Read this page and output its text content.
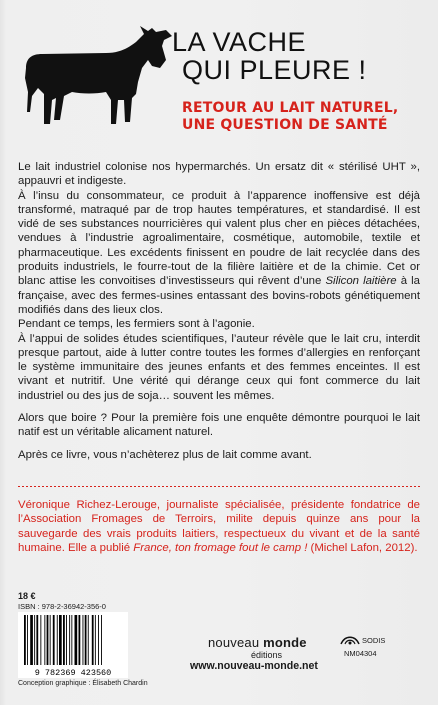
LA VACHE
QUI PLEURE !
RETOUR AU LAIT NATUREL,
UNE QUESTION DE SANTÉ

Le lait industriel colonise nos hypermarchés. Un ersatz dit « stérilisé UHT », appauvri et indigeste.

À l’insu du consommateur, ce produit à l’apparence inoffensive est déjà transformé, matraqué par de trop hautes températures, et standardisé. Il est vidé de ses substances nourricières qui valent plus cher en pièces détachées, vendues à l’industrie agroalimentaire, cosmétique, automobile, textile et pharmaceutique. Les excédents finissent en poudre de lait recyclée dans des produits industriels, le fourre-tout de la filière laitière et de la chimie. Cet or blanc attise les convoitises d’investisseurs qui rêvent d’une Silicon laitière à la française, avec des fermes-usines entassant des bovins-robots génétiquement modifiés dans des lieux clos.

Pendant ce temps, les fermiers sont à l’agonie.

À l’appui de solides études scientifiques, l’auteur révèle que le lait cru, interdit presque partout, aide à lutter contre toutes les formes d’allergies en renforçant le système immunitaire des jeunes enfants et des femmes enceintes. Il est vivant et nutritif. Une vérité qui dérange ceux qui font commerce du lait industriel ou des jus de soja… souvent les mêmes.

Alors que boire ? Pour la première fois une enquête démontre pourquoi le lait natif est un véritable alicament naturel.

Après ce livre, vous n’achèterez plus de lait comme avant.

Véronique Richez-Lerouge, journaliste spécialisée, présidente fondatrice de l’Association Fromages de Terroirs, milite depuis quinze ans pour la sauvegarde des vrais produits laitiers, respectueux du vivant et de la santé humaine. Elle a publié France, ton fromage fout le camp ! (Michel Lafon, 2012).
18 €
ISBN : 978-2-36942-356-0
9 782369 423560
Conception graphique : Élisabeth Chardin
nouveau monde
éditions
www.nouveau-monde.net
SODIS
NM04304
